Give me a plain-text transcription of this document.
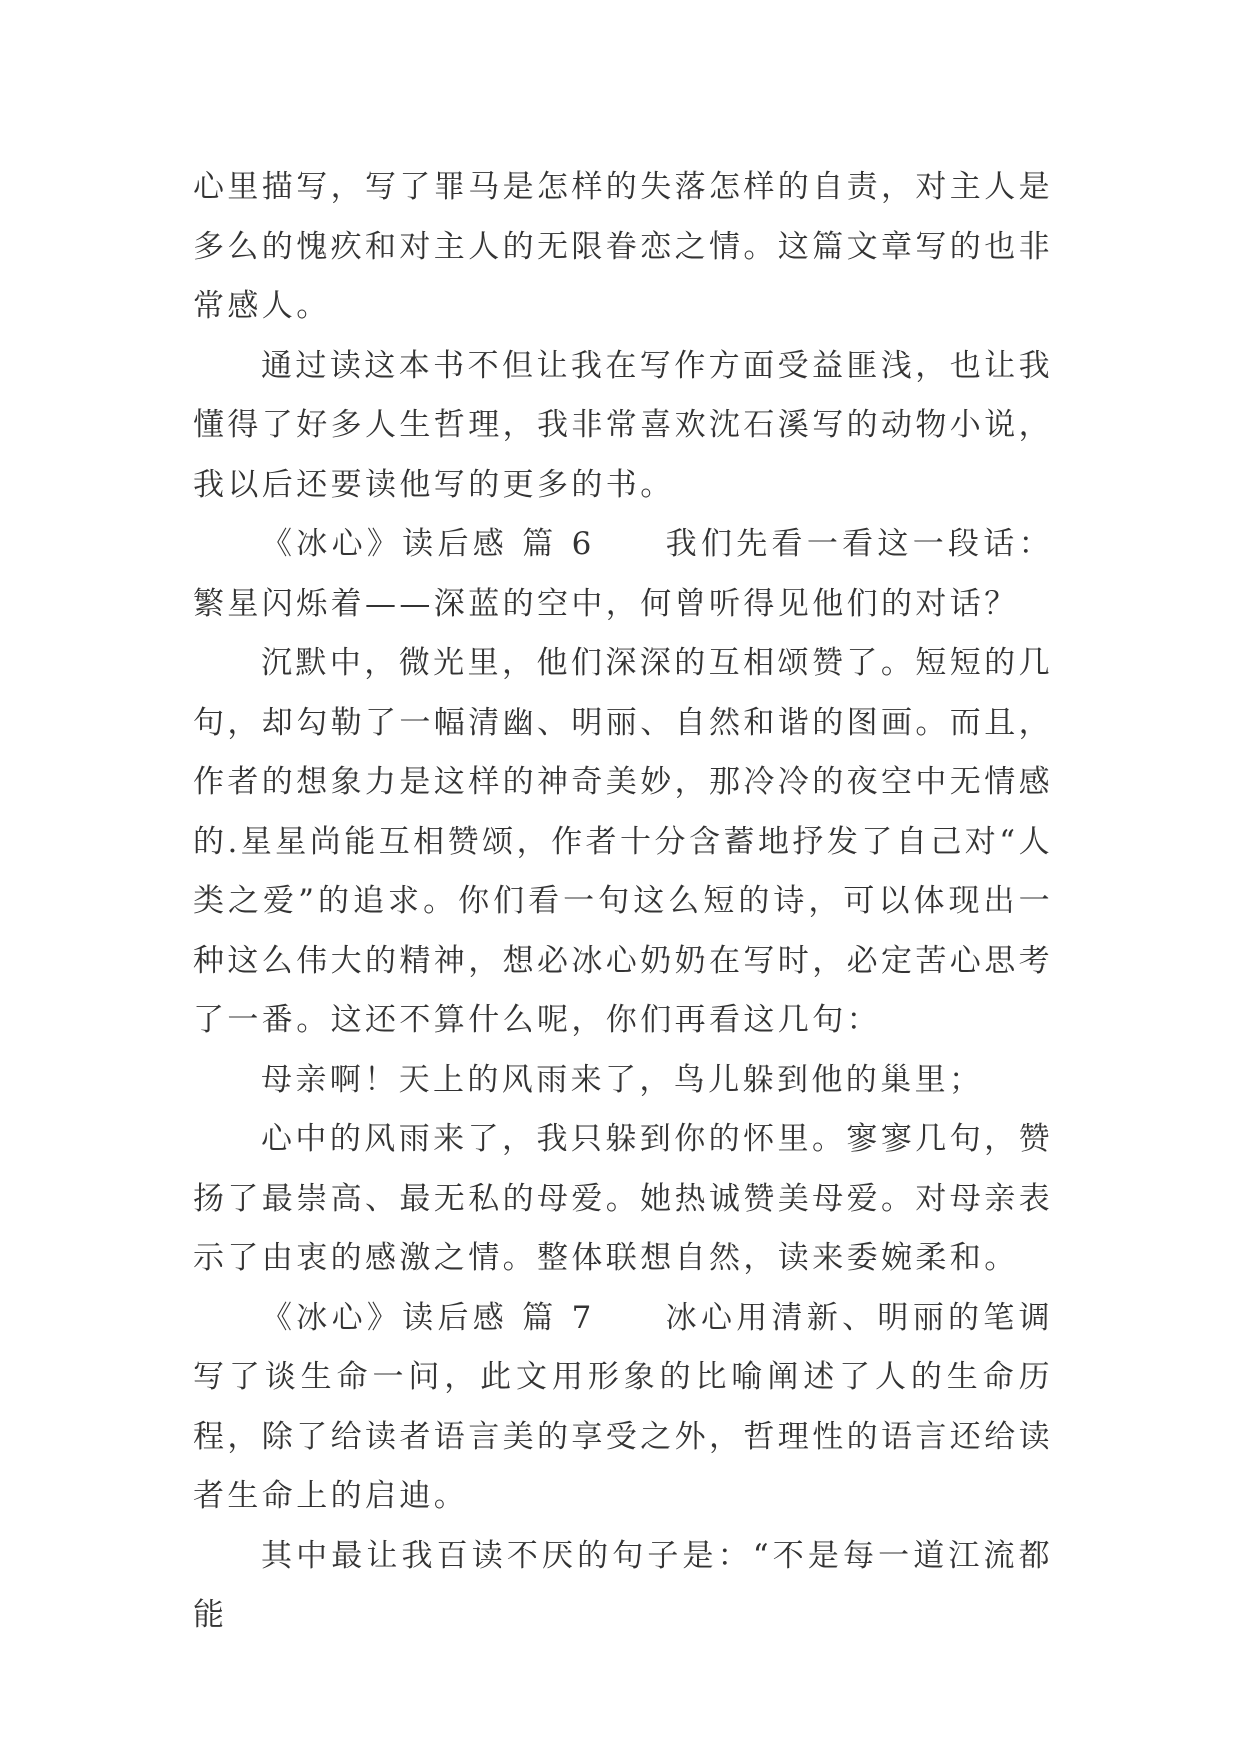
心里描写，写了罪马是怎样的失落怎样的自责，对主人是多么的愧疚和对主人的无限眷恋之情。这篇文章写的也非常感人。

通过读这本书不但让我在写作方面受益匪浅，也让我懂得了好多人生哲理，我非常喜欢沈石溪写的动物小说，我以后还要读他写的更多的书。

《冰心》读后感 篇 6 我们先看一看这一段话：繁星闪烁着——深蓝的空中，何曾听得见他们的对话？

沉默中，微光里，他们深深的互相颂赞了。短短的几句，却勾勒了一幅清幽、明丽、自然和谐的图画。而且，作者的想象力是这样的神奇美妙，那冷冷的夜空中无情感的.星星尚能互相赞颂，作者十分含蓄地抒发了自己对“人类之爱”的追求。你们看一句这么短的诗，可以体现出一种这么伟大的精神，想必冰心奶奶在写时，必定苦心思考了一番。这还不算什么呢，你们再看这几句：

母亲啊！天上的风雨来了，鸟儿躲到他的巢里；

心中的风雨来了，我只躲到你的怀里。寥寥几句，赞扬了最崇高、最无私的母爱。她热诚赞美母爱。对母亲表示了由衷的感激之情。整体联想自然，读来委婉柔和。

《冰心》读后感 篇 7 冰心用清新、明丽的笔调写了谈生命一问，此文用形象的比喻阐述了人的生命历程，除了给读者语言美的享受之外，哲理性的语言还给读者生命上的启迪。

其中最让我百读不厌的句子是：“不是每一道江流都能
